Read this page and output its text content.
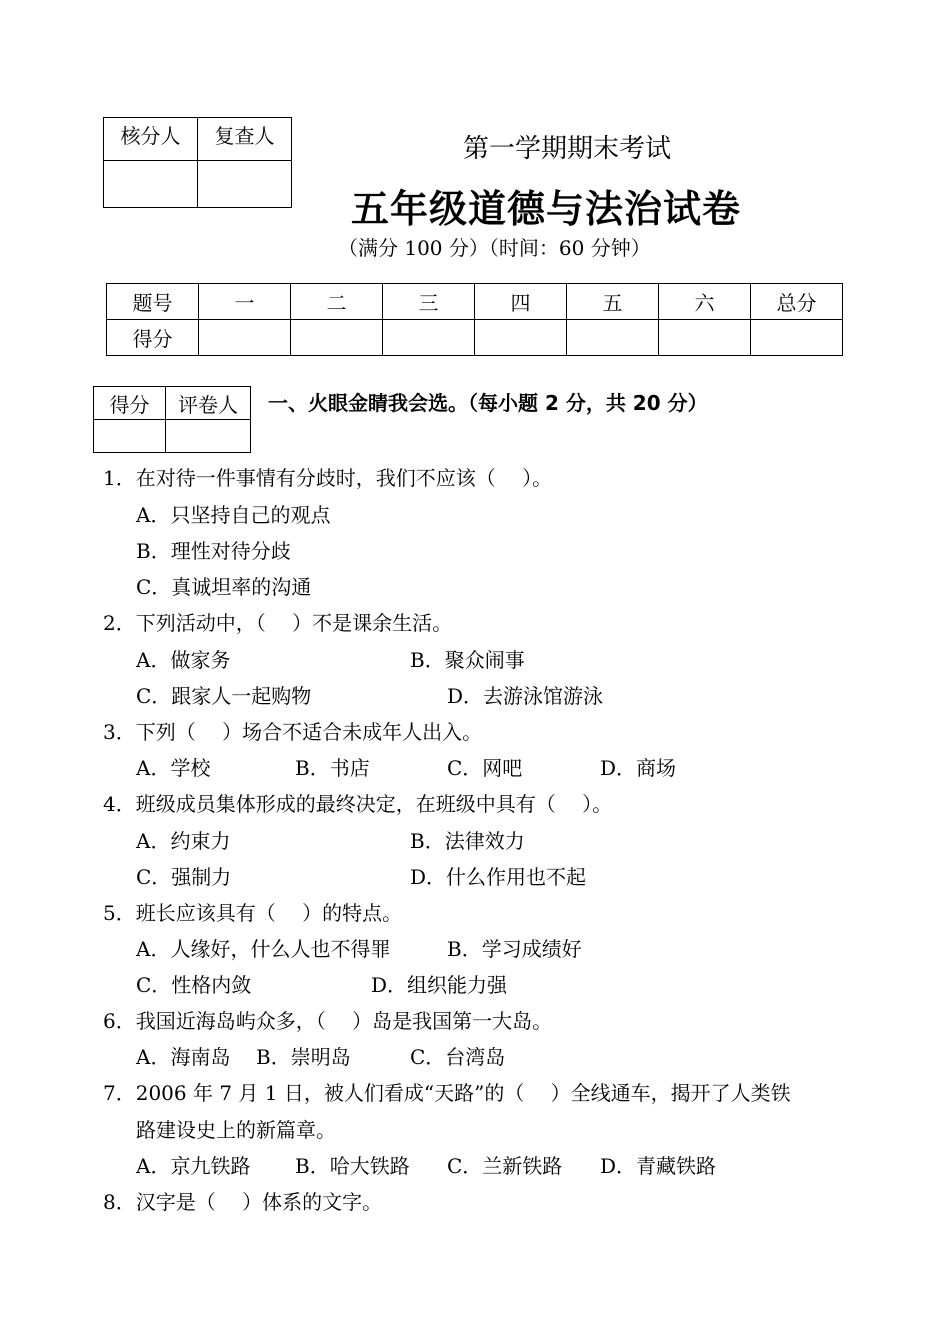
核分人	复查人
		第一学期期末考试
五年级道德与法治试卷
（满分 100 分）（时间：60 分钟）
题号	一	二	三	四	五	六	总分
得分							
得分	评卷人
	一、火眼金睛我会选。（每小题 2 分，共 20 分）
1．在对待一件事情有分歧时，我们不应该（　 ）。
A．只坚持自己的观点
B．理性对待分歧
C．真诚坦率的沟通
2．下列活动中，（　 ）不是课余生活。
A．做家务	B．聚众闹事
C．跟家人一起购物	D．去游泳馆游泳
3．下列（　 ）场合不适合未成年人出入。
A．学校	B．书店	C．网吧	D．商场
4．班级成员集体形成的最终决定，在班级中具有（　 ）。
A．约束力	B．法律效力
C．强制力	D．什么作用也不起
5．班长应该具有（　 ）的特点。
A．人缘好，什么人也不得罪	B．学习成绩好
C．性格内敛	D．组织能力强
6．我国近海岛屿众多，（　 ）岛是我国第一大岛。
A．海南岛 B．崇明岛	C．台湾岛
7．2006 年 7 月 1 日，被人们看成“天路”的（　 ）全线通车，揭开了人类铁
路建设史上的新篇章。
A．京九铁路 B．哈大铁路 C．兰新铁路 D．青藏铁路
8．汉字是（　 ）体系的文字。
